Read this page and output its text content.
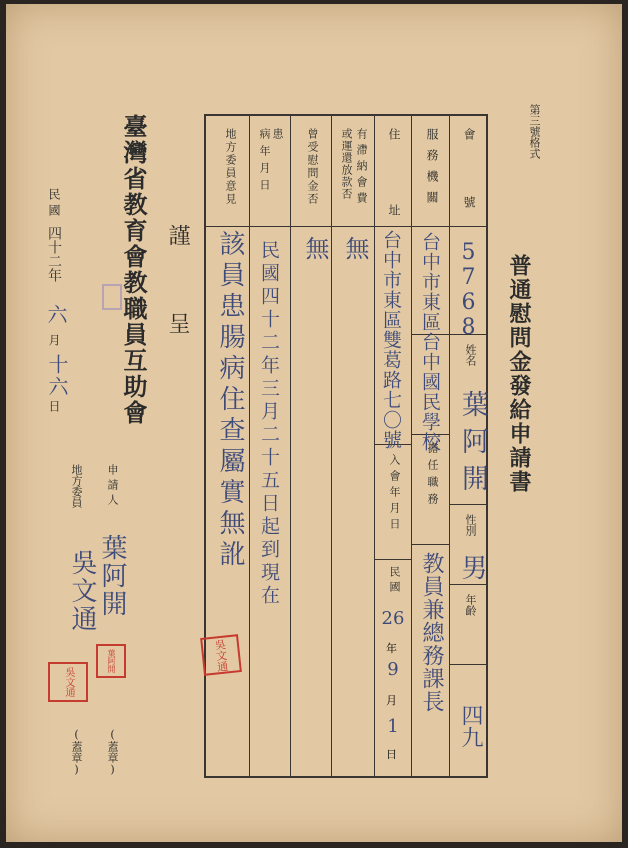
第三號格式
普通慰問金發給申請書
會　號
5768
姓名
葉阿開
性別
男
年齡
四九
服務機關
台中市東區台中國民學校
擔任職務
教員兼總務課長
住　址
台中市東區雙葛路七〇號
入會年月日
民國
26
年
9
月
1
日
有滯納會費
或運還放款否
無
曾受慰問金否
無
患
病年月日
民國四十二年三月二十五日起到現在
地方委員意見
該員患腸病住查屬實無訛
吳文通
謹　呈
臺灣省教育會教職員互助會
民國
四十二年
六
月
十六
日
申請人
葉阿開
葉阿開
(蓋章)
地方委員
吳文通
吳文通
(蓋章)
